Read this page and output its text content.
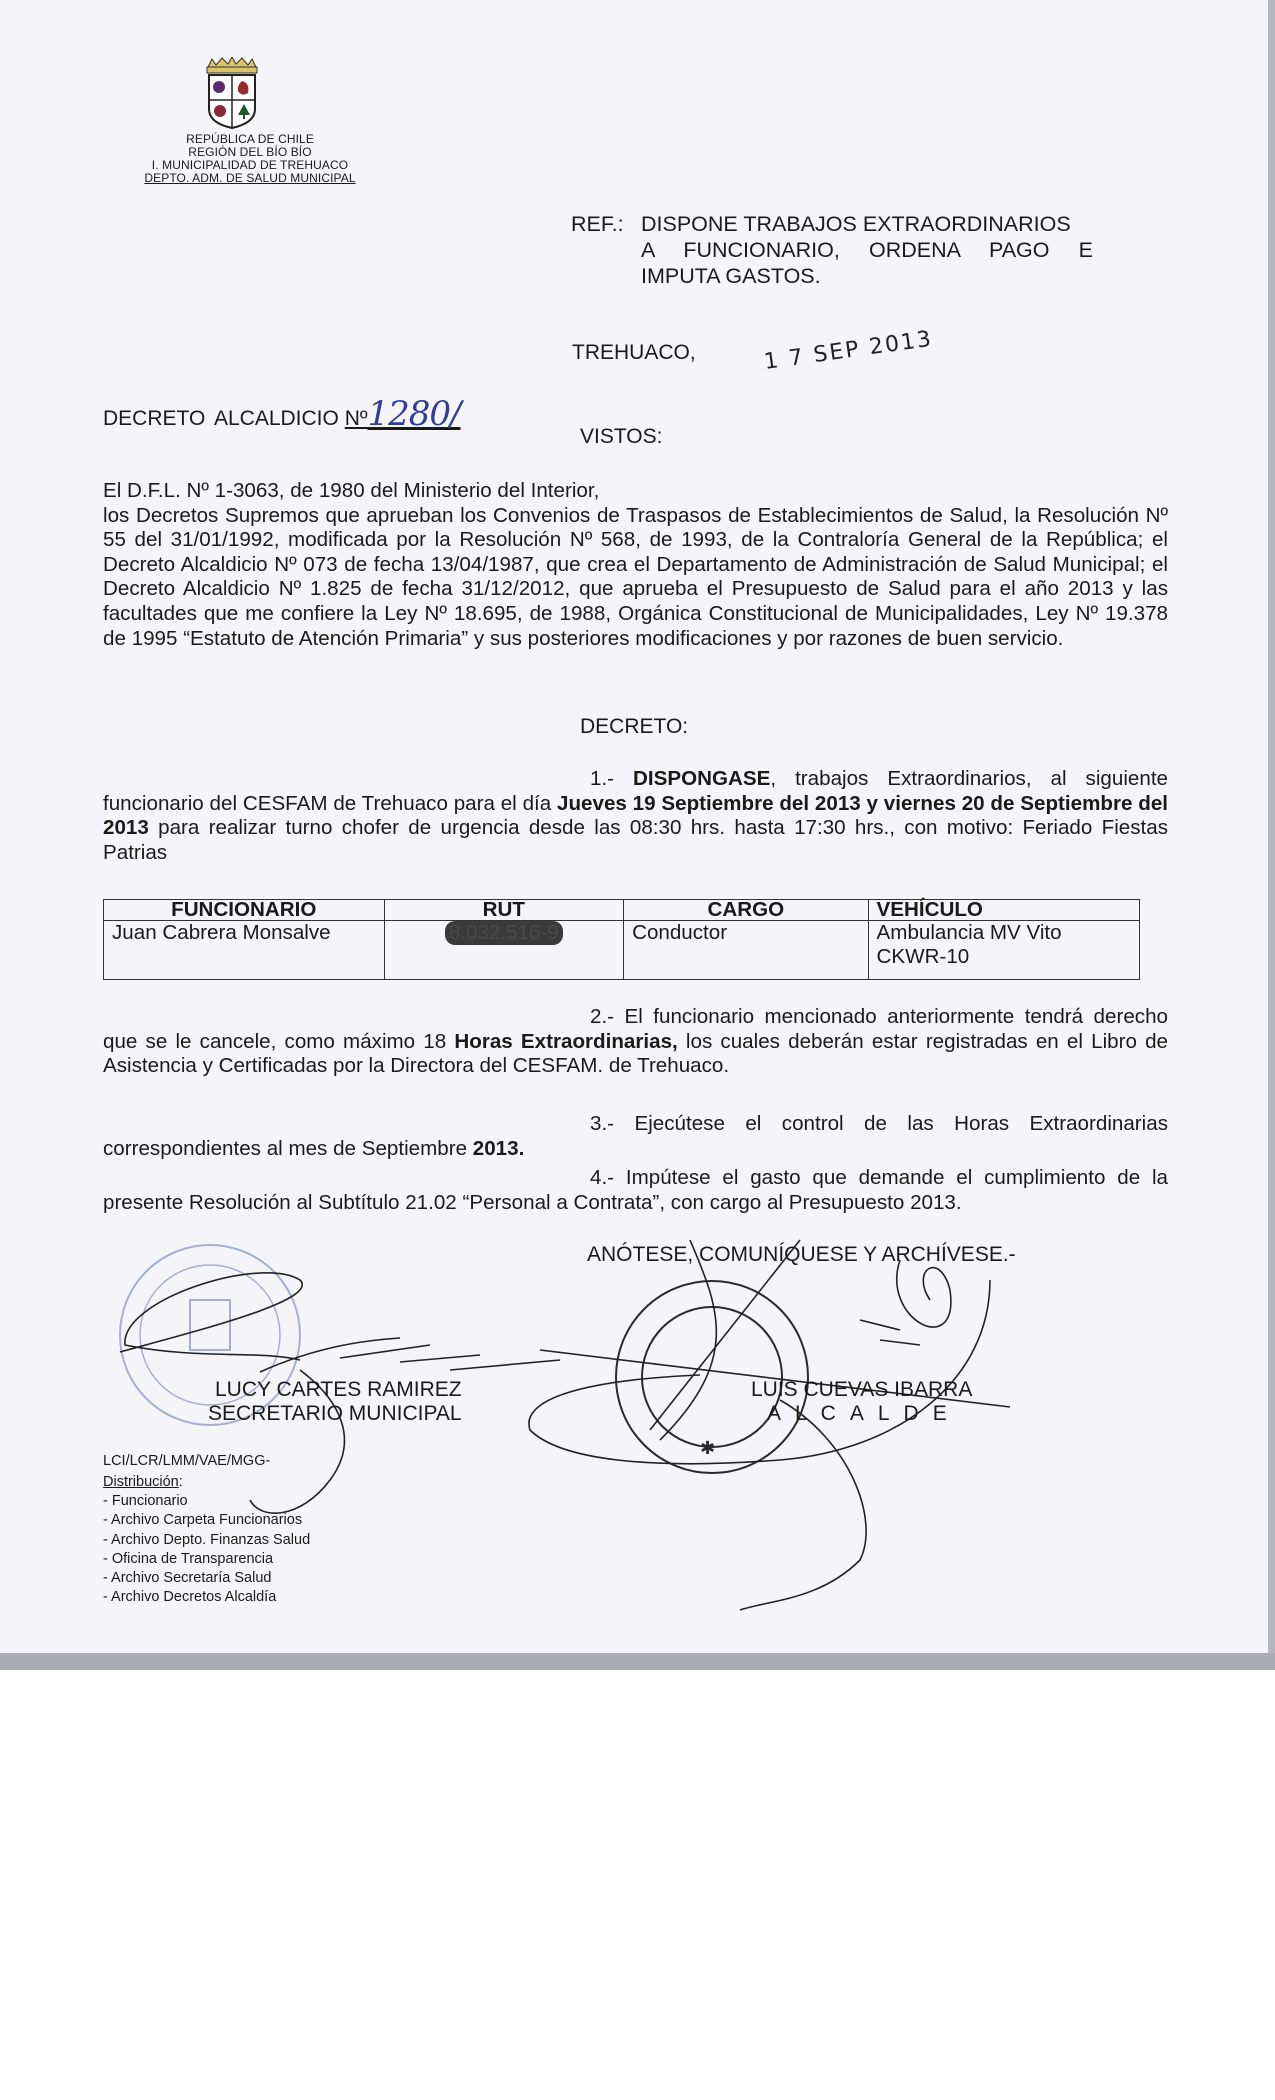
REPÚBLICA DE CHILE
REGIÓN DEL BÍO BÍO
I. MUNICIPALIDAD DE TREHUACO
DEPTO. ADM. DE SALUD MUNICIPAL
REF.: DISPONE TRABAJOS EXTRAORDINARIOS
A FUNCIONARIO, ORDENA PAGO E
IMPUTA GASTOS.
TREHUACO,	1 7 SEP 2013
DECRETO ALCALDICIO Nº1280/
VISTOS:
El D.F.L. Nº 1-3063, de 1980 del Ministerio del Interior,
los Decretos Supremos que aprueban los Convenios de Traspasos de Establecimientos de Salud, la Resolución Nº 55 del 31/01/1992, modificada por la Resolución Nº 568, de 1993, de la Contraloría General de la República; el Decreto Alcaldicio Nº 073 de fecha 13/04/1987, que crea el Departamento de Administración de Salud Municipal; el Decreto Alcaldicio Nº 1.825 de fecha 31/12/2012, que aprueba el Presupuesto de Salud para el año 2013 y las facultades que me confiere la Ley Nº 18.695, de 1988, Orgánica Constitucional de Municipalidades, Ley Nº 19.378 de 1995 “Estatuto de Atención Primaria” y sus posteriores modificaciones y por razones de buen servicio.
DECRETO:
1.- DISPONGASE, trabajos Extraordinarios, al siguiente funcionario del CESFAM de Trehuaco para el día Jueves 19 Septiembre del 2013 y viernes 20 de Septiembre del 2013 para realizar turno chofer de urgencia desde las 08:30 hrs. hasta 17:30 hrs., con motivo: Feriado Fiestas Patrias
FUNCIONARIO	RUT	CARGO	VEHÍCULO
Juan Cabrera Monsalve	8.032.516-9	Conductor	Ambulancia MV Vito
CKWR-10
2.- El funcionario mencionado anteriormente tendrá derecho que se le cancele, como máximo 18 Horas Extraordinarias, los cuales deberán estar registradas en el Libro de Asistencia y Certificadas por la Directora del CESFAM. de Trehuaco.
3.- Ejecútese el control de las Horas Extraordinarias correspondientes al mes de Septiembre 2013.
4.- Impútese el gasto que demande el cumplimiento de la presente Resolución al Subtítulo 21.02 “Personal a Contrata”, con cargo al Presupuesto 2013.
ANÓTESE, COMUNÍQUESE Y ARCHÍVESE.-
✱
LUCY CARTES RAMIREZ
SECRETARIO MUNICIPAL
LUIS CUEVAS IBARRA
ALCALDE
LCI/LCR/LMM/VAE/MGG-
Distribución:
- Funcionario
- Archivo Carpeta Funcionarios
- Archivo Depto. Finanzas Salud
- Oficina de Transparencia
- Archivo Secretaría Salud
- Archivo Decretos Alcaldía
